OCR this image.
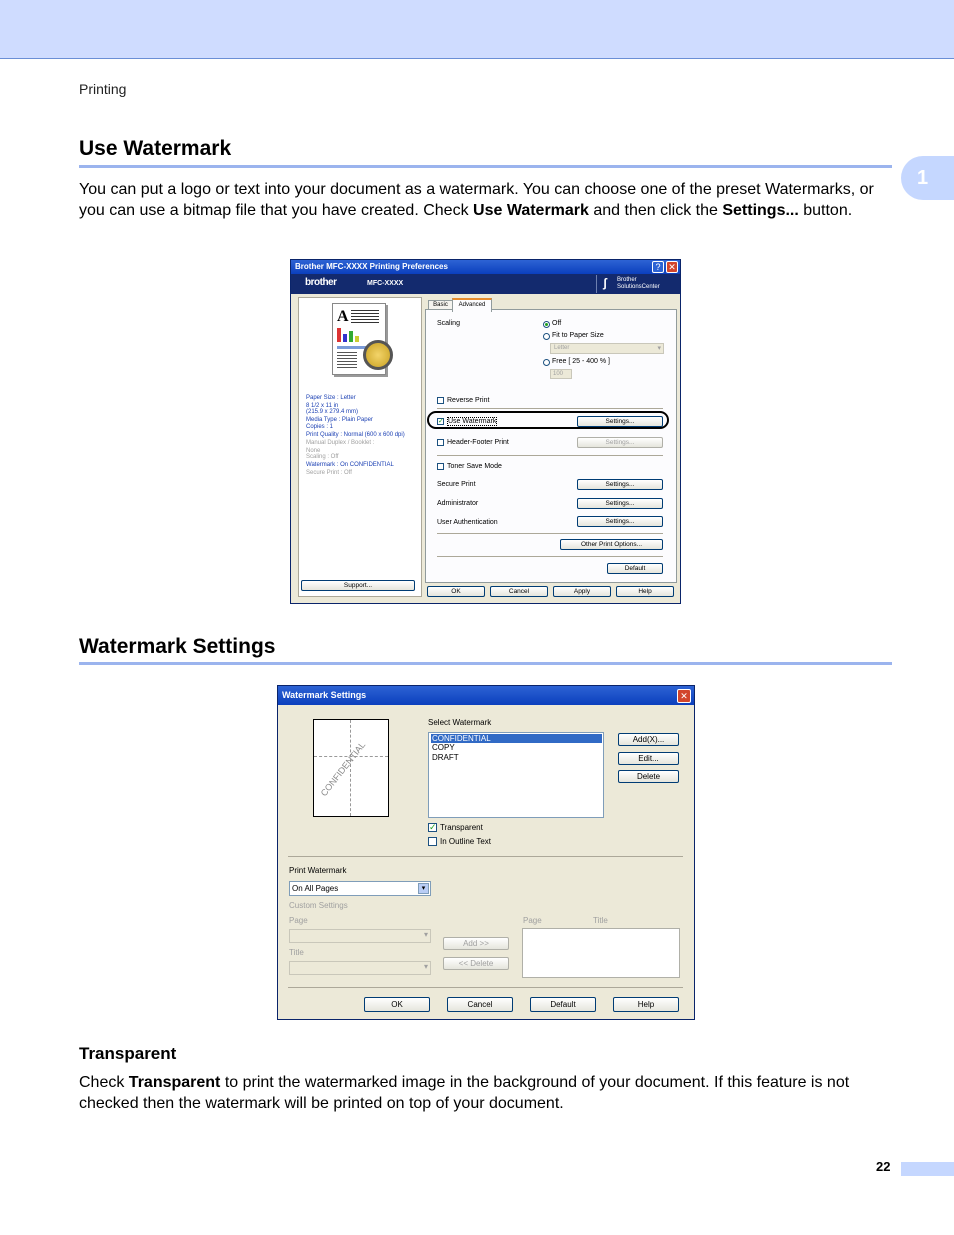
Printing
1
Use Watermark

You can put a logo or text into your document as a watermark. You can choose one of the preset Watermarks, or you can use a bitmap file that you have created. Check Use Watermark and then click the Settings... button.

Brother MFC-XXXX Printing Preferences	? ✕
brother	MFC-XXXX	ʃ Brother
SolutionsCenter
A
Paper Size : Letter
8 1/2 x 11 in
(215.9 x 279.4 mm)
Media Type : Plain Paper
Copies : 1
Print Quality : Normal (600 x 600 dpi)
Manual Duplex / Booklet :
None
Scaling : Off
Watermark : On CONFIDENTIAL
Secure Print : Off
Support...
Basic	Advanced
Scaling	Off
Fit to Paper Size
Letter	▾
Free [ 25 - 400 % ]
100
Reverse Print
✓ Use Watermark	Settings...
Header-Footer Print	Settings...
Toner Save Mode
Secure Print	Settings...
Administrator	Settings...
User Authentication	Settings...
Other Print Options...
Default
OK	Cancel	Apply	Help
Watermark Settings
Watermark Settings	✕
CONFIDENTIAL
Select Watermark
CONFIDENTIAL
COPY
DRAFT
Add(X)...
Edit...
Delete
✓ Transparent
In Outline Text
Print Watermark
On All Pages	▾
Custom Settings
Page
▾
Title
▾
Add >>
<< Delete
Page	Title
OK	Cancel	Default	Help
Transparent

Check Transparent to print the watermarked image in the background of your document. If this feature is not checked then the watermark will be printed on top of your document.

22
